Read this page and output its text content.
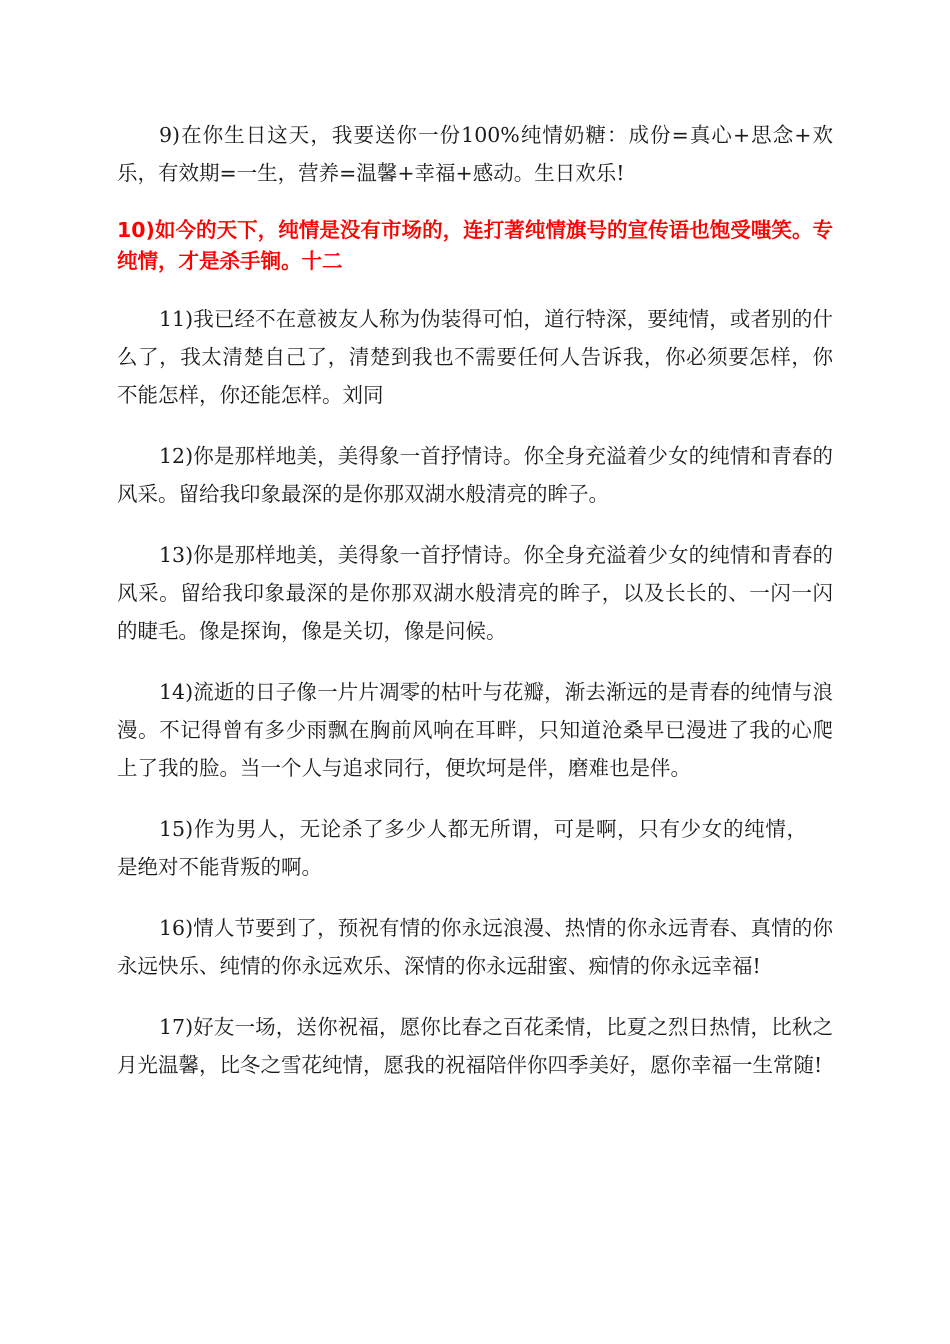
9)在你生日这天，我要送你一份100%纯情奶糖：成份=真心+思念+欢乐，有效期=一生，营养=温馨+幸福+感动。生日欢乐!

10)如今的天下，纯情是没有市场的，连打著纯情旗号的宣传语也饱受嗤笑。专纯情，才是杀手锏。十二

11)我已经不在意被友人称为伪装得可怕，道行特深，要纯情，或者别的什么了，我太清楚自己了，清楚到我也不需要任何人告诉我，你必须要怎样，你不能怎样，你还能怎样。刘同

12)你是那样地美，美得象一首抒情诗。你全身充溢着少女的纯情和青春的风采。留给我印象最深的是你那双湖水般清亮的眸子。

13)你是那样地美，美得象一首抒情诗。你全身充溢着少女的纯情和青春的风采。留给我印象最深的是你那双湖水般清亮的眸子，以及长长的、一闪一闪的睫毛。像是探询，像是关切，像是问候。

14)流逝的日子像一片片凋零的枯叶与花瓣，渐去渐远的是青春的纯情与浪漫。不记得曾有多少雨飘在胸前风响在耳畔，只知道沧桑早已漫进了我的心爬上了我的脸。当一个人与追求同行，便坎坷是伴，磨难也是伴。

15)作为男人，无论杀了多少人都无所谓，可是啊，只有少女的纯情，是绝对不能背叛的啊。

16)情人节要到了，预祝有情的你永远浪漫、热情的你永远青春、真情的你永远快乐、纯情的你永远欢乐、深情的你永远甜蜜、痴情的你永远幸福!

17)好友一场，送你祝福，愿你比春之百花柔情，比夏之烈日热情，比秋之月光温馨，比冬之雪花纯情，愿我的祝福陪伴你四季美好，愿你幸福一生常随!
